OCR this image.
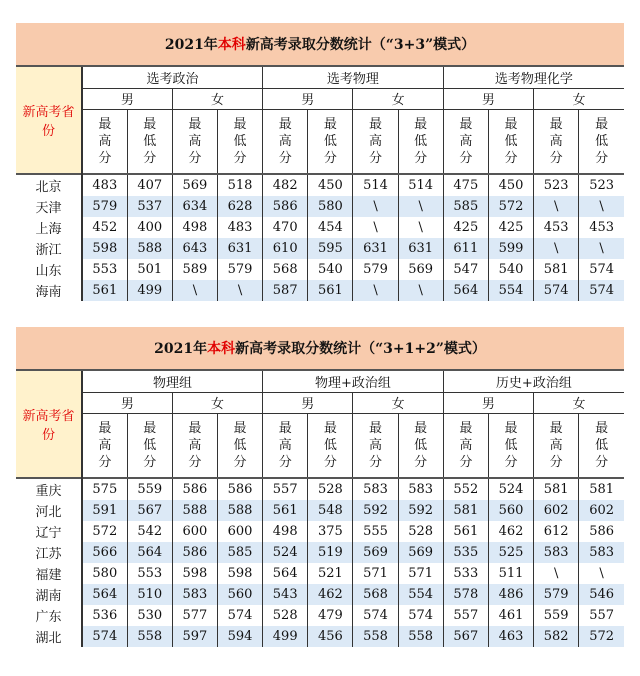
2021年本科新高考录取分数统计（“3+3”模式）												
新高考省份	选考政治				选考物理				选考物理化学			
	男		女		男		女		男		女	
	最高分	最低分	最高分	最低分	最高分	最低分	最高分	最低分	最高分	最低分	最高分	最低分
北京	483	407	569	518	482	450	514	514	475	450	523	523
天津	579	537	634	628	586	580	\	\	585	572	\	\
上海	452	400	498	483	470	454	\	\	425	425	453	453
浙江	598	588	643	631	610	595	631	631	611	599	\	\
山东	553	501	589	579	568	540	579	569	547	540	581	574
海南	561	499	\	\	587	561	\	\	564	554	574	574
2021年本科新高考录取分数统计（“3+1+2”模式）												
新高考省份	物理组				物理+政治组				历史+政治组			
	男		女		男		女		男		女	
	最高分	最低分	最高分	最低分	最高分	最低分	最高分	最低分	最高分	最低分	最高分	最低分
重庆	575	559	586	586	557	528	583	583	552	524	581	581
河北	591	567	588	588	561	548	592	592	581	560	602	602
辽宁	572	542	600	600	498	375	555	528	561	462	612	586
江苏	566	564	586	585	524	519	569	569	535	525	583	583
福建	580	553	598	598	564	521	571	571	533	511	\	\
湖南	564	510	583	560	543	462	568	554	578	486	579	546
广东	536	530	577	574	528	479	574	574	557	461	559	557
湖北	574	558	597	594	499	456	558	558	567	463	582	572
